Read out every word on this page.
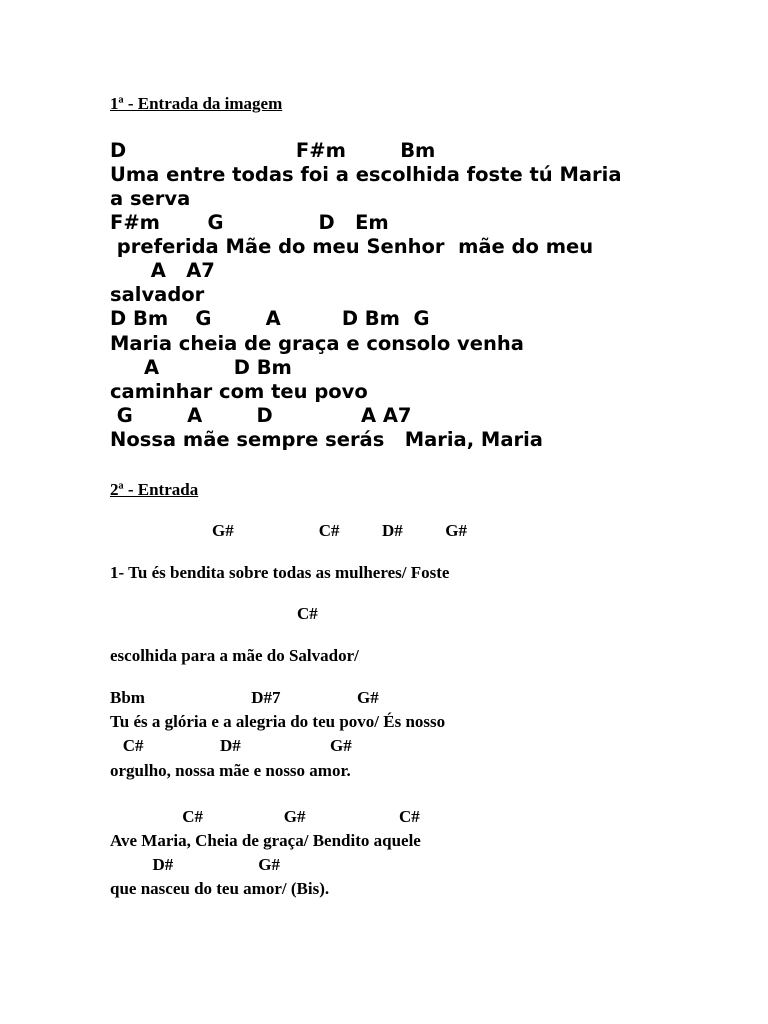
1ª - Entrada da imagem
D                         F#m        Bm
Uma entre todas foi a escolhida foste tú Maria
a serva
F#m       G              D   Em
preferida Mãe do meu Senhor  mãe do meu
A   A7
salvador
D Bm    G        A         D Bm  G
Maria cheia de graça e consolo venha
A           D Bm
caminhar com teu povo
G        A        D             A A7
Nossa mãe sempre serás   Maria, Maria
2ª - Entrada
G#                    C#          D#          G#
1- Tu és bendita sobre todas as mulheres/ Foste
C#
escolhida para a mãe do Salvador/
Bbm                         D#7                  G#
Tu és a glória e a alegria do teu povo/ És nosso
C#                  D#                     G#
orgulho, nossa mãe e nosso amor.
C#                   G#                      C#
Ave Maria, Cheia de graça/ Bendito aquele
D#                    G#
que nasceu do teu amor/ (Bis).
